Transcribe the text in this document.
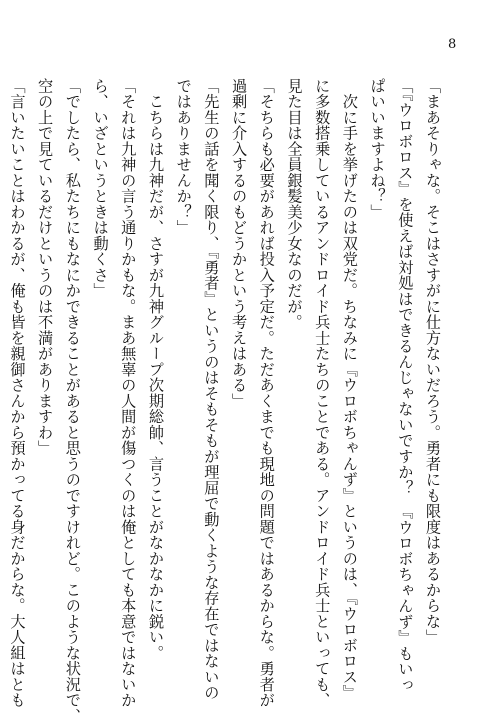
8
「まあそりゃな。そこはさすがに仕方ないだろう。勇者にも限度はあるからな」
「『ウロボロス』を使えば対処はできるんじゃないですか？　『ウロボちゃんず』もいっ
ぱいいますよね？」
　次に手を挙げたのは双党だ。ちなみに『ウロボちゃんず』というのは、『ウロボロス』
に多数搭乗しているアンドロイド兵士たちのことである。アンドロイド兵士といっても、
見た目は全員銀髪美少女なのだが。
「そちらも必要があれば投入予定だ。ただあくまでも現地の問題ではあるからな。勇者が
過剰に介入するのもどうかという考えはある」
「先生の話を聞く限り、『勇者』というのはそもそもが理屈で動くような存在ではないの
ではありませんか？」
　こちらは九神だが、さすが九神グループ次期総帥、言うことがなかなかに鋭い。
「それは九神の言う通りかもな。まあ無辜の人間が傷つくのは俺としても本意ではないか
ら、いざというときは動くさ」
「でしたら、私たちにもなにかできることがあると思うのですけれど。このような状況で、
空の上で見ているだけというのは不満がありますわ」
「言いたいことはわかるが、俺も皆を親御さんから預かってる身だからな。大人組はとも
